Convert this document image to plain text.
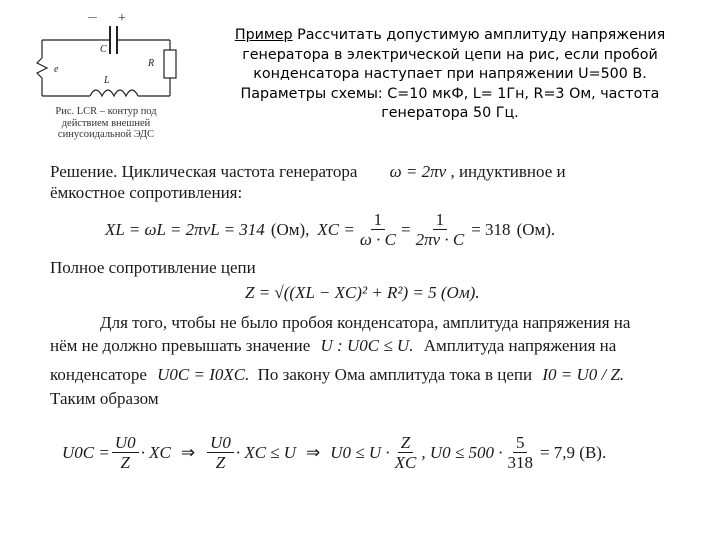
Пример Рассчитать допустимую амплитуду напряжения
генератора в электрической цепи на рис, если пробой
конденсатора наступает при напряжении U=500 В.
Параметры схемы: C=10 мкФ, L= 1Гн, R=3 Ом, частота
генератора 50 Гц.
— +
C
R
L
e
Рис. LCR – контур под действием внешней синусоидальной ЭДС
Решение. Циклическая частота генератора ω = 2πν , индуктивное и
ёмкостное сопротивления:
XL = ωL = 2πνL = 314 (Ом), XC = $\frac{1}{\omega \cdot C} = \frac{1}{2\pi\nu \cdot C} = 318$ (Ом).
Полное сопротивление цепи
Z = √((XL − XC)² + R²) = 5 (Ом).
Для того, чтобы не было пробоя конденсатора, амплитуда напряжения на
нём не должно превышать значение U : U0C ≤ U. Амплитуда напряжения на
конденсаторе U0C = I0XC. По закону Ома амплитуда тока в цепи I0 = U0 / Z.
Таким образом
$U0C = \frac{U0}{Z}$ · XC ⇒ $\frac{U0}{Z}$ · XC ≤ U ⇒ $U0 \le U \cdot \frac{Z}{XC}$ , $U0 \le 500 \cdot \frac{5}{318} = 7,9$ (В).
